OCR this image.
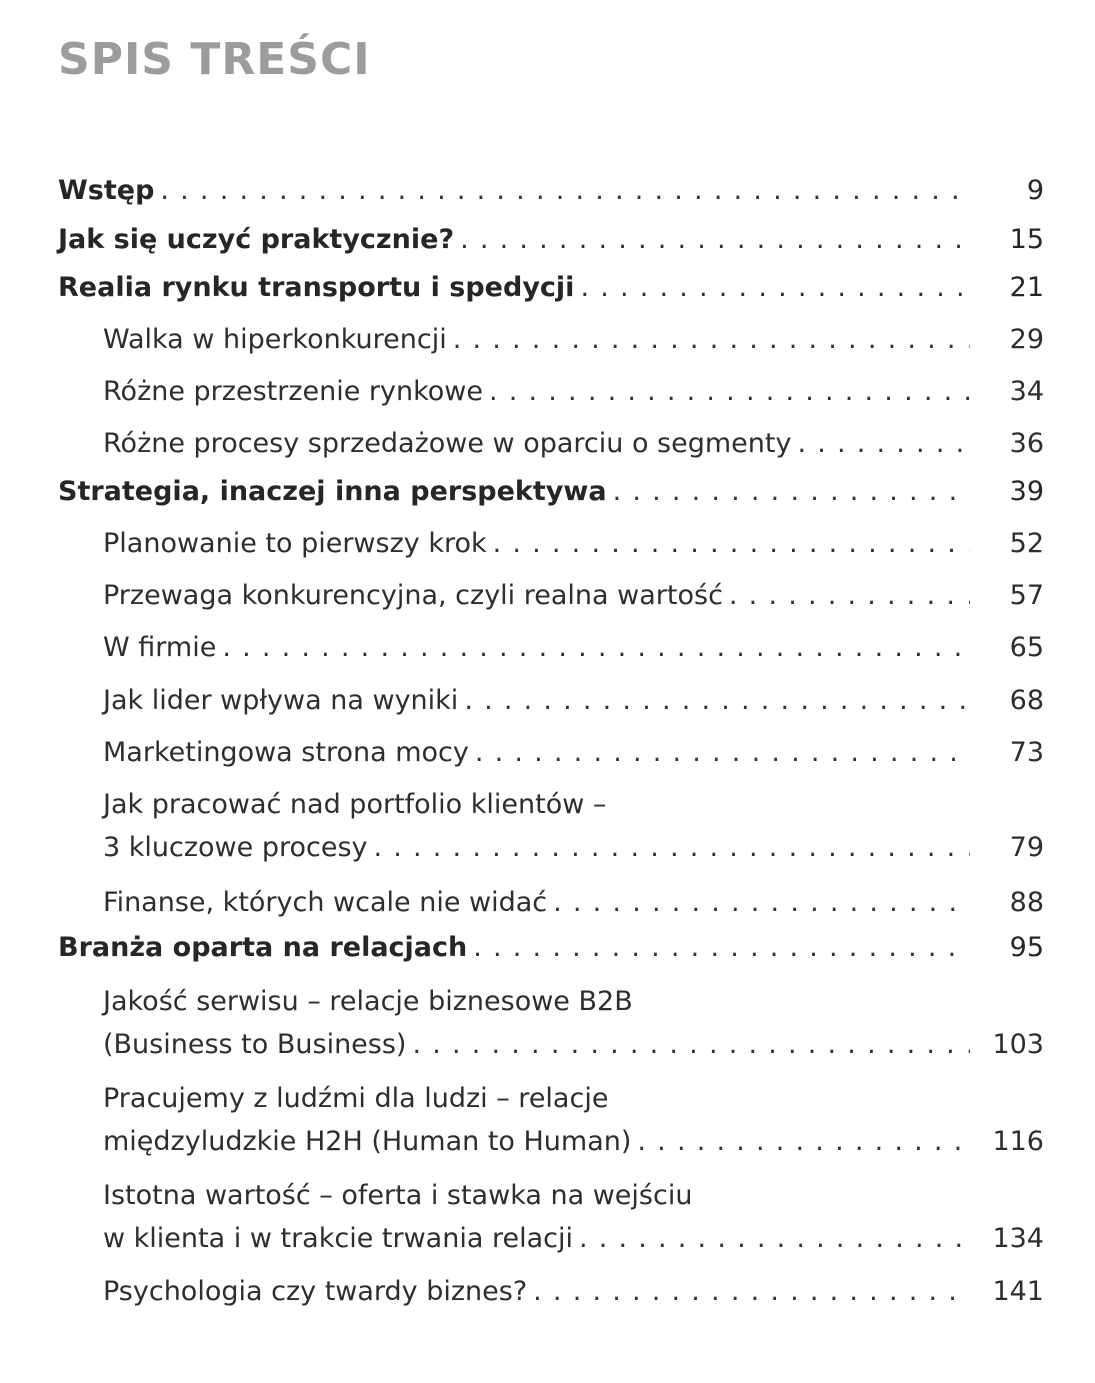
SPIS TREŚCI
Wstęp . . .	9
Jak się uczyć praktycznie? . . .	15
Realia rynku transportu i spedycji . . .	21
Walka w hiperkonkurencji . . .	29
Różne przestrzenie rynkowe . . .	34
Różne procesy sprzedażowe w oparciu o segmenty . . .	36
Strategia, inaczej inna perspektywa . . .	39
Planowanie to pierwszy krok . . .	52
Przewaga konkurencyjna, czyli realna wartość . . .	57
W firmie . . .	65
Jak lider wpływa na wyniki . . .	68
Marketingowa strona mocy . . .	73
Jak pracować nad portfolio klientów –
3 kluczowe procesy . . .	79
Finanse, których wcale nie widać . . .	88
Branża oparta na relacjach . . .	95
Jakość serwisu – relacje biznesowe B2B
(Business to Business) . . .	103
Pracujemy z ludźmi dla ludzi – relacje
międzyludzkie H2H (Human to Human) . . .	116
Istotna wartość – oferta i stawka na wejściu
w klienta i w trakcie trwania relacji . . .	134
Psychologia czy twardy biznes? . . .	141
